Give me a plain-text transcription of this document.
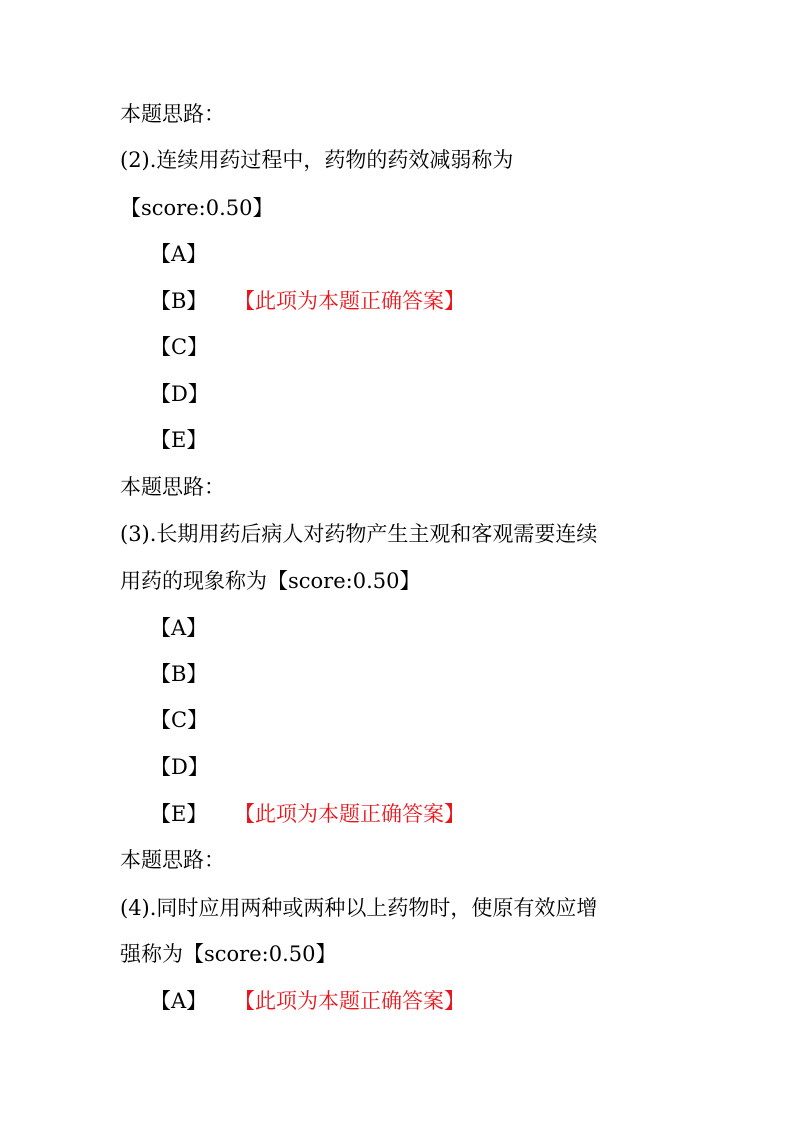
本题思路：
(2).连续用药过程中，药物的药效减弱称为
【score:0.50】
【A】
【B】 【此项为本题正确答案】
【C】
【D】
【E】
本题思路：
(3).长期用药后病人对药物产生主观和客观需要连续
用药的现象称为【score:0.50】
【A】
【B】
【C】
【D】
【E】 【此项为本题正确答案】
本题思路：
(4).同时应用两种或两种以上药物时，使原有效应增
强称为【score:0.50】
【A】 【此项为本题正确答案】
